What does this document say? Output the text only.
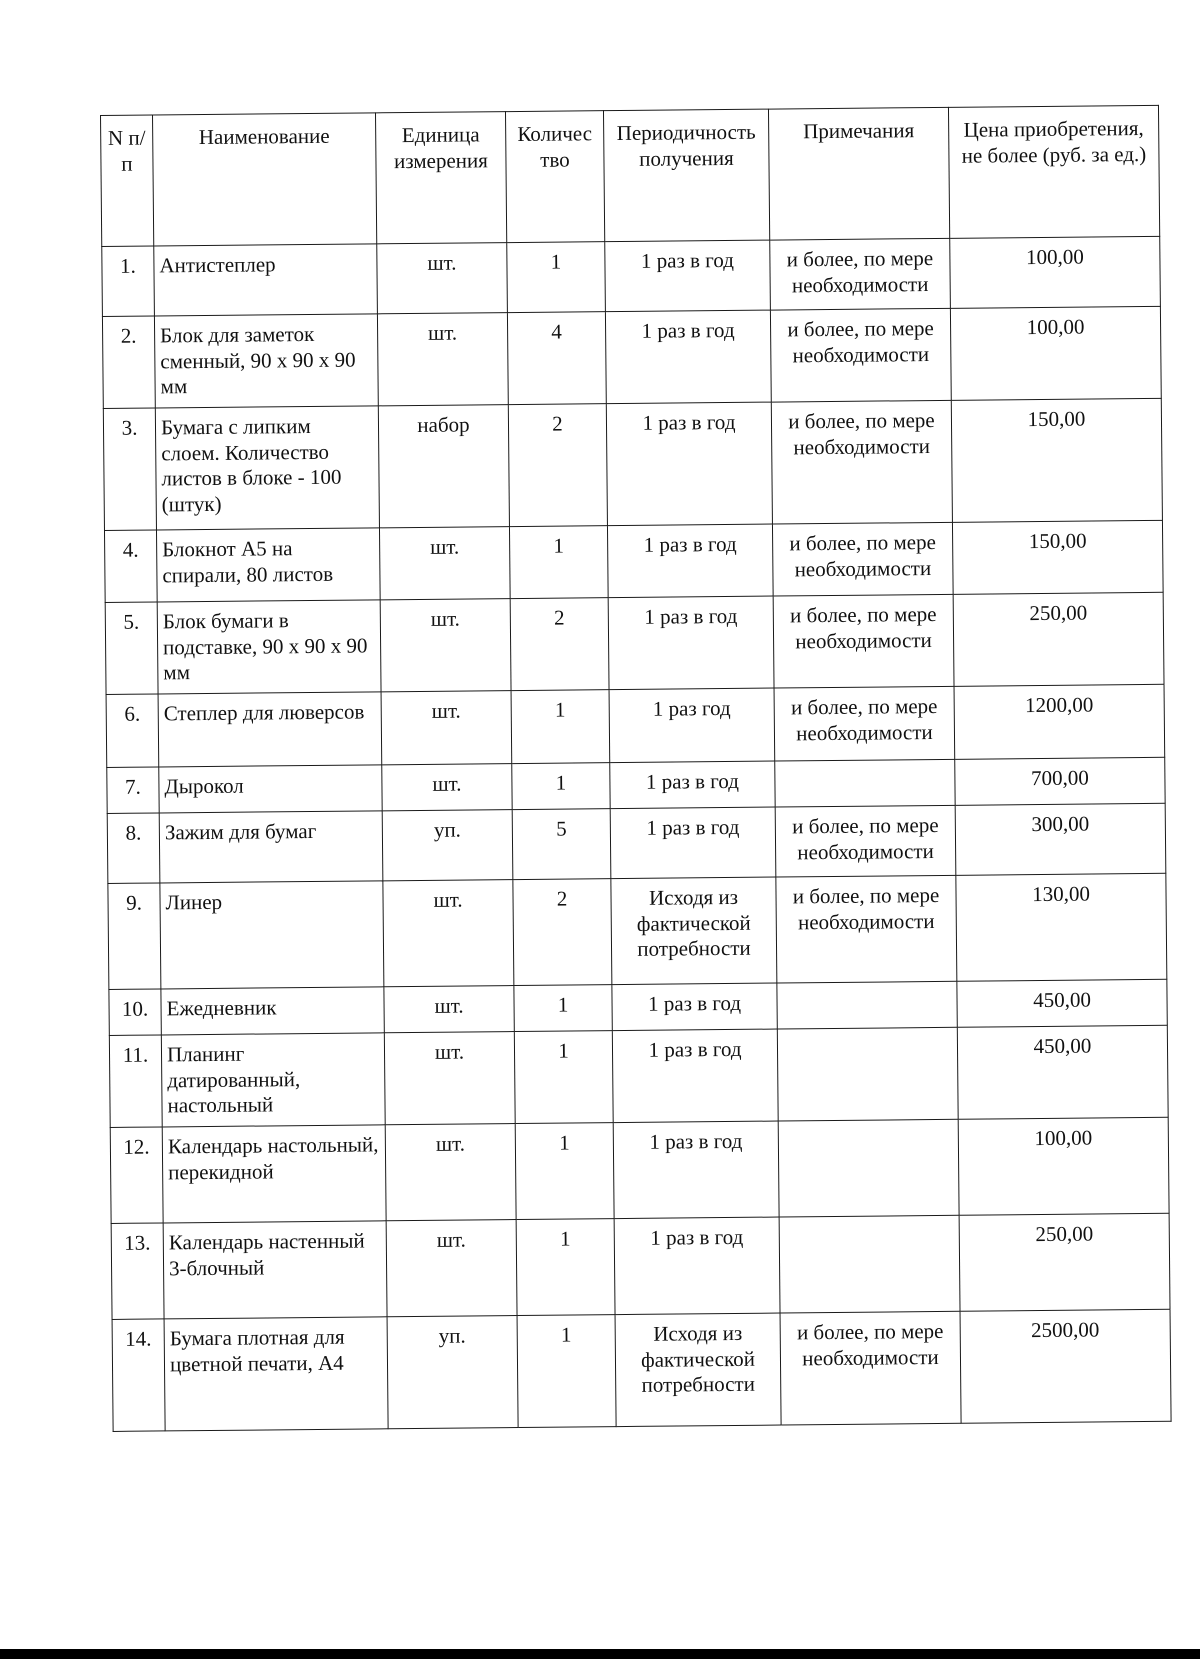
N п/п	Наименование	Единица измерения	Количес тво	Периодичность получения	Примечания	Цена приобретения, не более (руб. за ед.)
1.	Антистеплер	шт.	1	1 раз в год	и более, по мере необходимости	100,00
2.	Блок для заметок сменный, 90 х 90 х 90 мм	шт.	4	1 раз в год	и более, по мере необходимости	100,00
3.	Бумага с липким слоем. Количество листов в блоке - 100 (штук)	набор	2	1 раз в год	и более, по мере необходимости	150,00
4.	Блокнот А5 на спирали, 80 листов	шт.	1	1 раз в год	и более, по мере необходимости	150,00
5.	Блок бумаги в подставке, 90 х 90 х 90 мм	шт.	2	1 раз в год	и более, по мере необходимости	250,00
6.	Степлер для люверсов	шт.	1	1 раз год	и более, по мере необходимости	1200,00
7.	Дырокол	шт.	1	1 раз в год		700,00
8.	Зажим для бумаг	уп.	5	1 раз в год	и более, по мере необходимости	300,00
9.	Линер	шт.	2	Исходя из фактической потребности	и более, по мере необходимости	130,00
10.	Ежедневник	шт.	1	1 раз в год		450,00
11.	Планинг датированный, настольный	шт.	1	1 раз в год		450,00
12.	Календарь настольный, перекидной	шт.	1	1 раз в год		100,00
13.	Календарь настенный 3-блочный	шт.	1	1 раз в год		250,00
14.	Бумага плотная для цветной печати, А4	уп.	1	Исходя из фактической потребности	и более, по мере необходимости	2500,00
